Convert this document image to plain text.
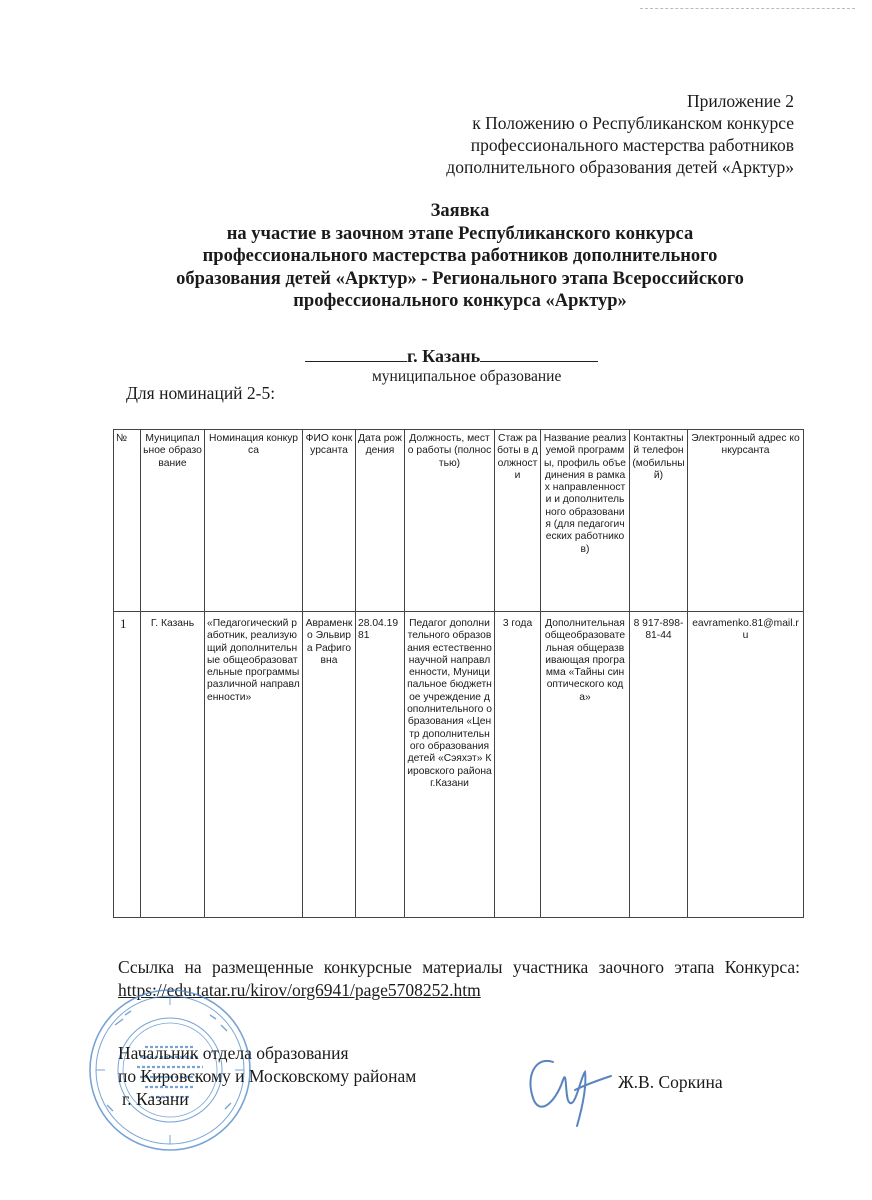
Приложение 2
к Положению о Республиканском конкурсе
профессионального мастерства работников
дополнительного образования детей «Арктур»
Заявка
на участие в заочном этапе Республиканского конкурса
профессионального мастерства работников дополнительного
образования детей «Арктур» - Регионального этапа Всероссийского
профессионального конкурса «Арктур»
г. Казань
муниципальное образование
Для номинаций 2-5:
№	Муниципальное образование	Номинация конкурса	ФИО конкурсанта	Дата рождения	Должность, место работы (полностью)	Стаж работы в должности	Название реализуемой программы, профиль объединения в рамках направленности и дополнительного образования (для педагогических работников)	Контактный телефон (мобильный)	Электронный адрес конкурсанта
1	Г. Казань	«Педагогический работник, реализующий дополнительные общеобразовательные программы различной направленности»	Авраменко Эльвира Рафиговна	28.04.1981	Педагог дополнительного образования естественнонаучной направленности, Муниципальное бюджетное учреждение дополнительного образования «Центр дополнительного образования детей «Сэяхэт» Кировского района г.Казани	3 года	Дополнительная общеобразовательная общеразвивающая программа «Тайны синоптического кода»	8 917-898-81-44	eavramenko.81@mail.ru
Ссылка на размещенные конкурсные материалы участника заочного этапа Конкурса: https://edu.tatar.ru/kirov/org6941/page5708252.htm
Начальник отдела образования
по Кировскому и Московскому районам
г. Казани
Ж.В. Соркина
